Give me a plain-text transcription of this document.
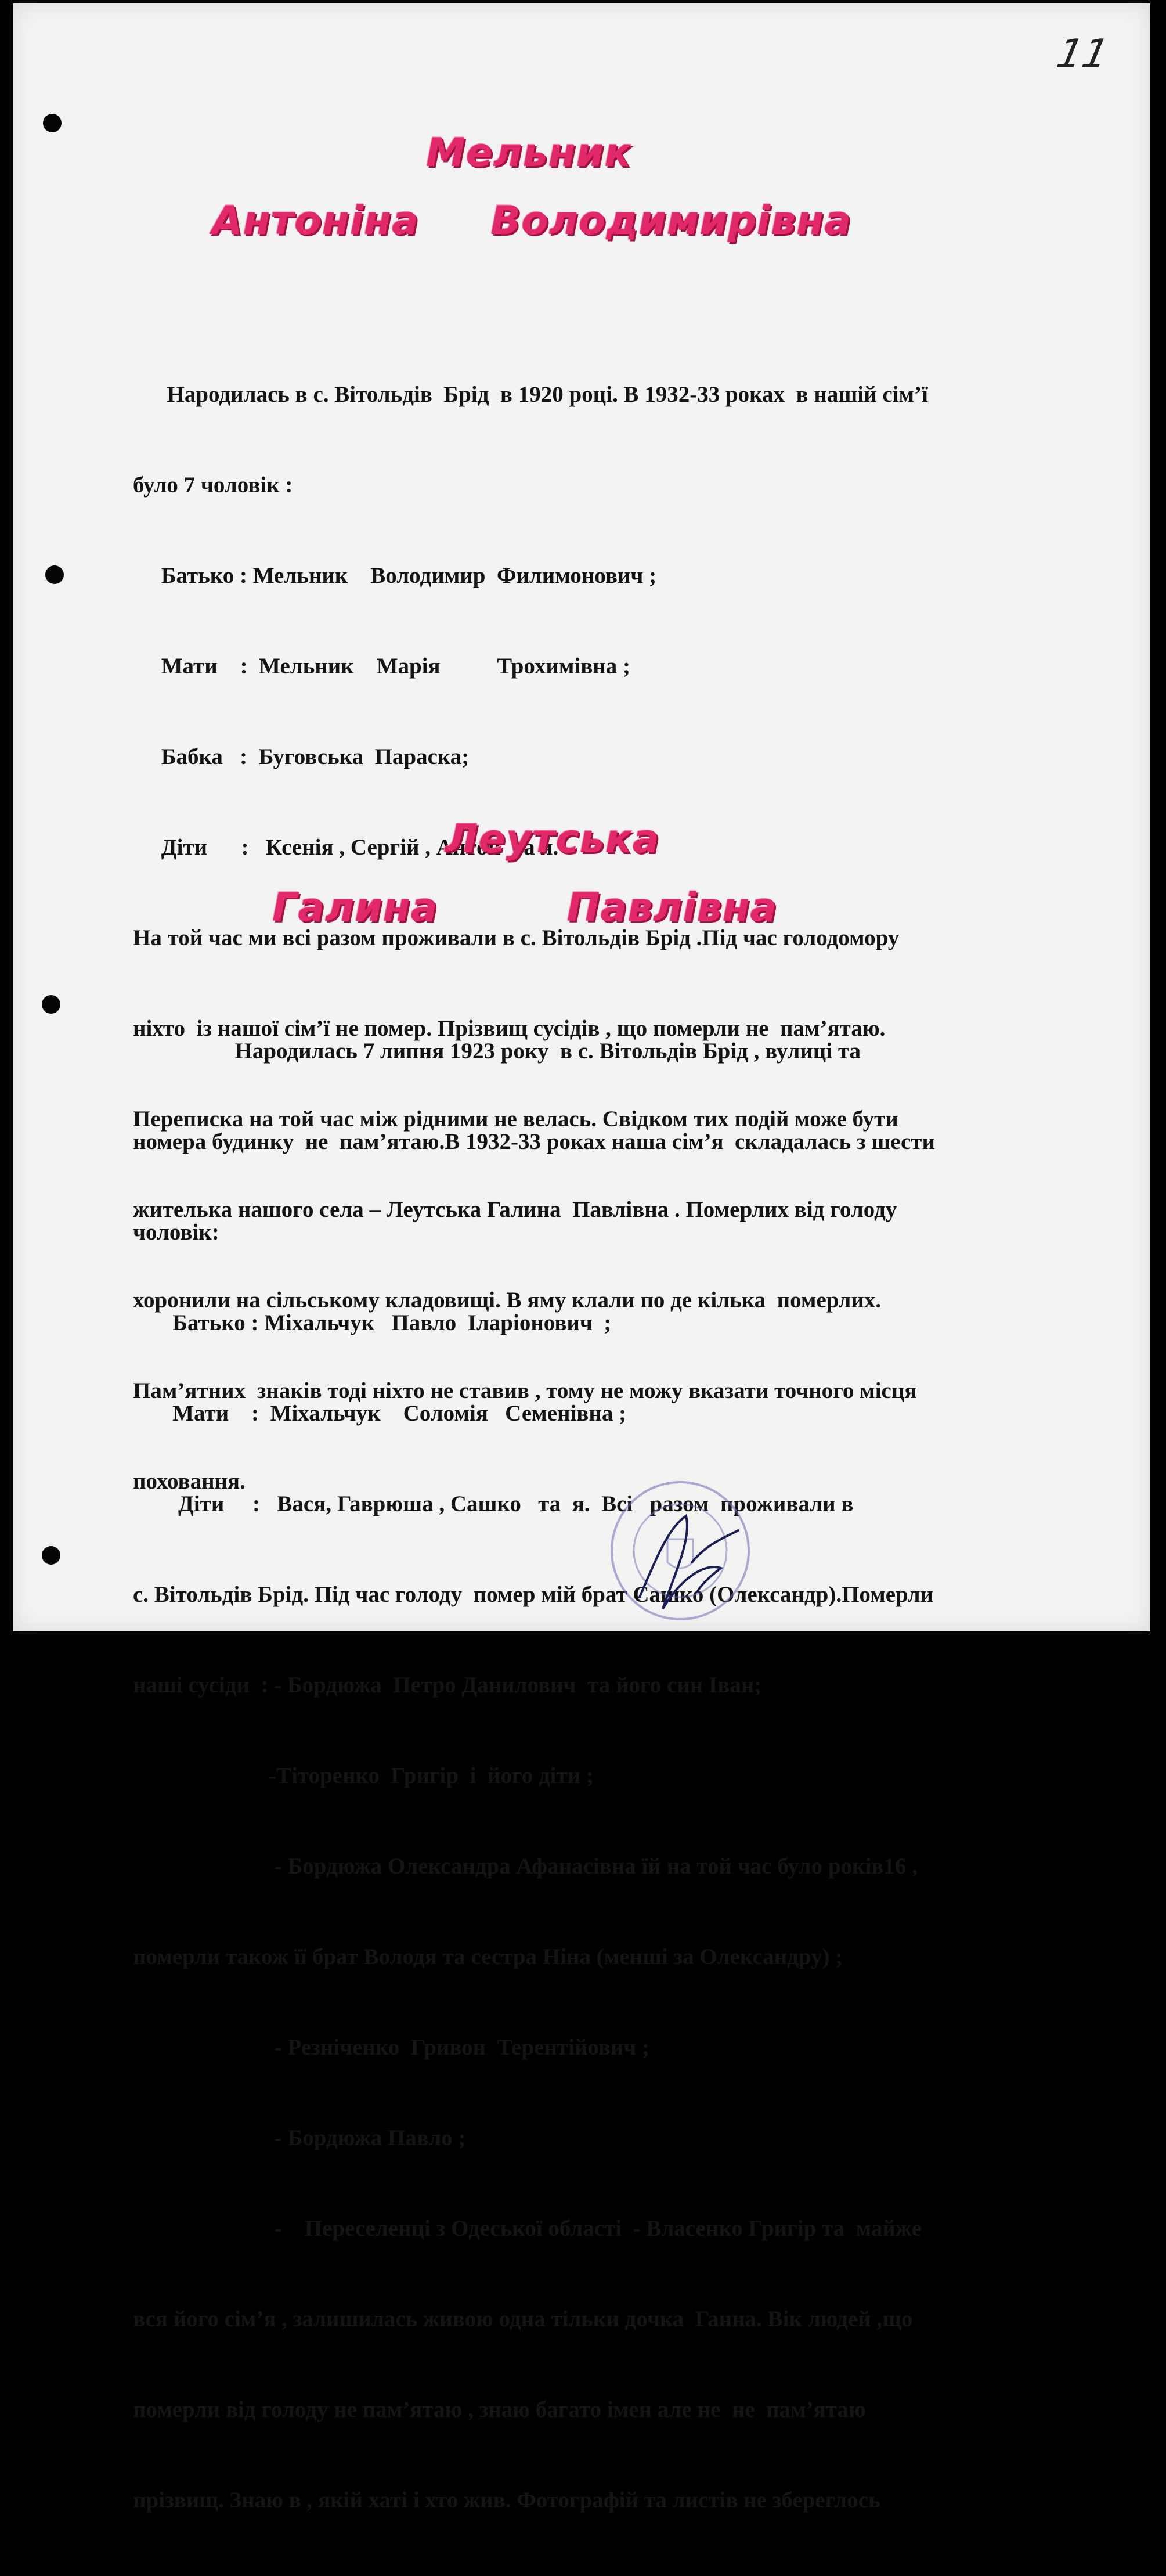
11
Мельник
Антоніна     Володимирівна

Народилась в с. Вітольдів  Брід  в 1920 році. В 1932-33 роках  в нашій сім’ї

було 7 чоловік :

Батько : Мельник    Володимир  Филимонович ;

Мати    :  Мельник    Марія          Трохимівна ;

Бабка   :  Буговська  Параска;

Діти      :   Ксенія , Сергій , Антон  та я.

На той час ми всі разом проживали в с. Вітольдів Брід .Під час голодомору

ніхто  із нашої сім’ї не помер. Прізвищ сусідів , що померли не  пам’ятаю.

Переписка на той час між рідними не велась. Свідком тих подій може бути

жителька нашого села – Леутська Галина  Павлівна . Померлих від голоду

хоронили на сільському кладовищі. В яму клали по де кілька  померлих.

Пам’ятних  знаків тоді ніхто не ставив , тому не можу вказати точного місця

поховання.

Леутська
Галина         Павлівна

Народилась 7 липня 1923 року  в с. Вітольдів Брід , вулиці та

номера будинку  не  пам’ятаю.В 1932-33 роках наша сім’я  складалась з шести

чоловік:

Батько : Міхальчук   Павло  Іларіонович  ;

Мати    :  Міхальчук    Соломія   Семенівна ;

Діти     :   Вася, Гаврюша , Сашко   та  я.  Всі   разом  проживали в

с. Вітольдів Брід. Під час голоду  помер мій брат Сашко (Олександр).Померли

наші сусіди  : - Бордюжа  Петро Данилович  та його син Іван;

-Тіторенко  Григір  і  його діти ;

- Бордюжа Олександра Афанасівна їй на той час було років16 ,

померли також її брат Володя та сестра Ніна (менші за Олександру) ;

- Резніченко  Гривон  Терентійович ;

- Бордюжа Павло ;

-    Переселенці з Одеської області  - Власенко Григір та  майже

вся його сім’я , залишилась живою одна тільки дочка  Ганна. Вік людей ,що

померли від голоду не пам’ятаю , знаю багато імен але не  не  пам’ятаю

прізвищ. Знаю в , якій хаті і хто жив. Фотографій та листів не збереглось
